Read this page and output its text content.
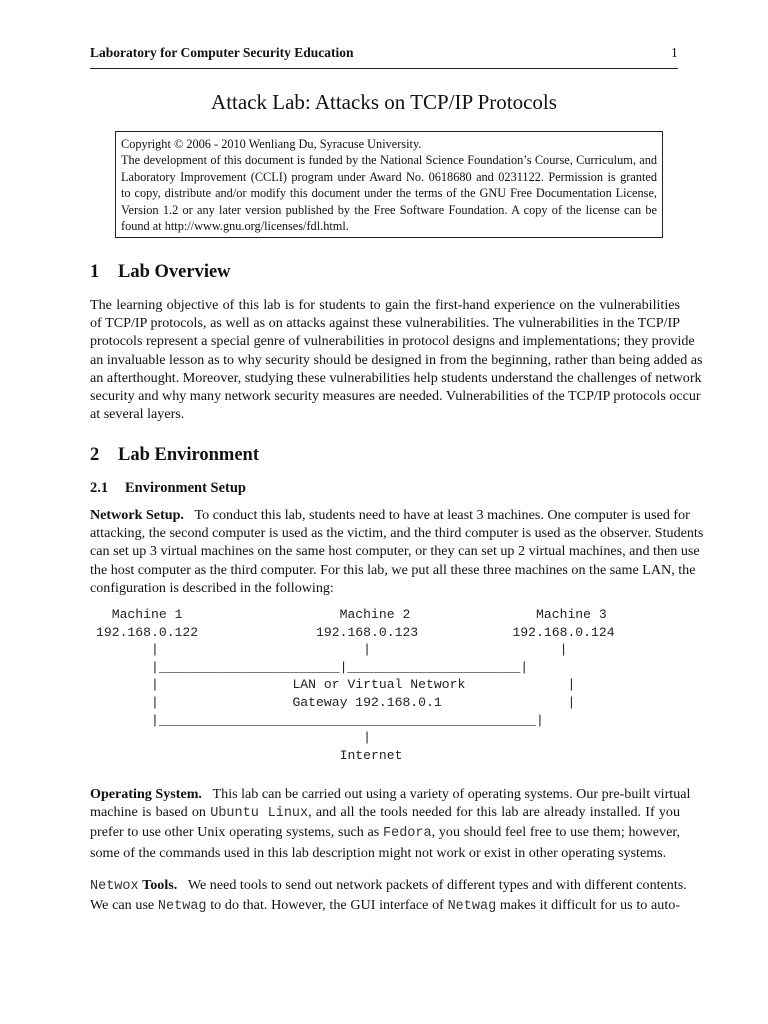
Laboratory for Computer Security Education	1
Attack Lab: Attacks on TCP/IP Protocols
Copyright © 2006 - 2010 Wenliang Du, Syracuse University.
The development of this document is funded by the National Science Foundation’s Course, Curriculum, and
Laboratory Improvement (CCLI) program under Award No. 0618680 and 0231122. Permission is granted
to copy, distribute and/or modify this document under the terms of the GNU Free Documentation License,
Version 1.2 or any later version published by the Free Software Foundation. A copy of the license can be
found at http://www.gnu.org/licenses/fdl.html.
1 Lab Overview
The learning objective of this lab is for students to gain the first-hand experience on the vulnerabilities
of TCP/IP protocols, as well as on attacks against these vulnerabilities. The vulnerabilities in the TCP/IP
protocols represent a special genre of vulnerabilities in protocol designs and implementations; they provide
an invaluable lesson as to why security should be designed in from the beginning, rather than being added as
an afterthought. Moreover, studying these vulnerabilities help students understand the challenges of network
security and why many network security measures are needed. Vulnerabilities of the TCP/IP protocols occur
at several layers.
2 Lab Environment
2.1 Environment Setup
Network Setup. To conduct this lab, students need to have at least 3 machines. One computer is used for
attacking, the second computer is used as the victim, and the third computer is used as the observer. Students
can set up 3 virtual machines on the same host computer, or they can set up 2 virtual machines, and then use
the host computer as the third computer. For this lab, we put all these three machines on the same LAN, the
configuration is described in the following:
Machine 1                    Machine 2                Machine 3
192.168.0.122               192.168.0.123            192.168.0.124
|                          |                        |
|_______________________|______________________|
|                 LAN or Virtual Network             |
|                 Gateway 192.168.0.1                |
|________________________________________________|
|
Internet
Operating System. This lab can be carried out using a variety of operating systems. Our pre-built virtual
machine is based on Ubuntu Linux, and all the tools needed for this lab are already installed. If you
prefer to use other Unix operating systems, such as Fedora, you should feel free to use them; however,
some of the commands used in this lab description might not work or exist in other operating systems.
Netwox Tools. We need tools to send out network packets of different types and with different contents.
We can use Netwag to do that. However, the GUI interface of Netwag makes it difficult for us to auto-
